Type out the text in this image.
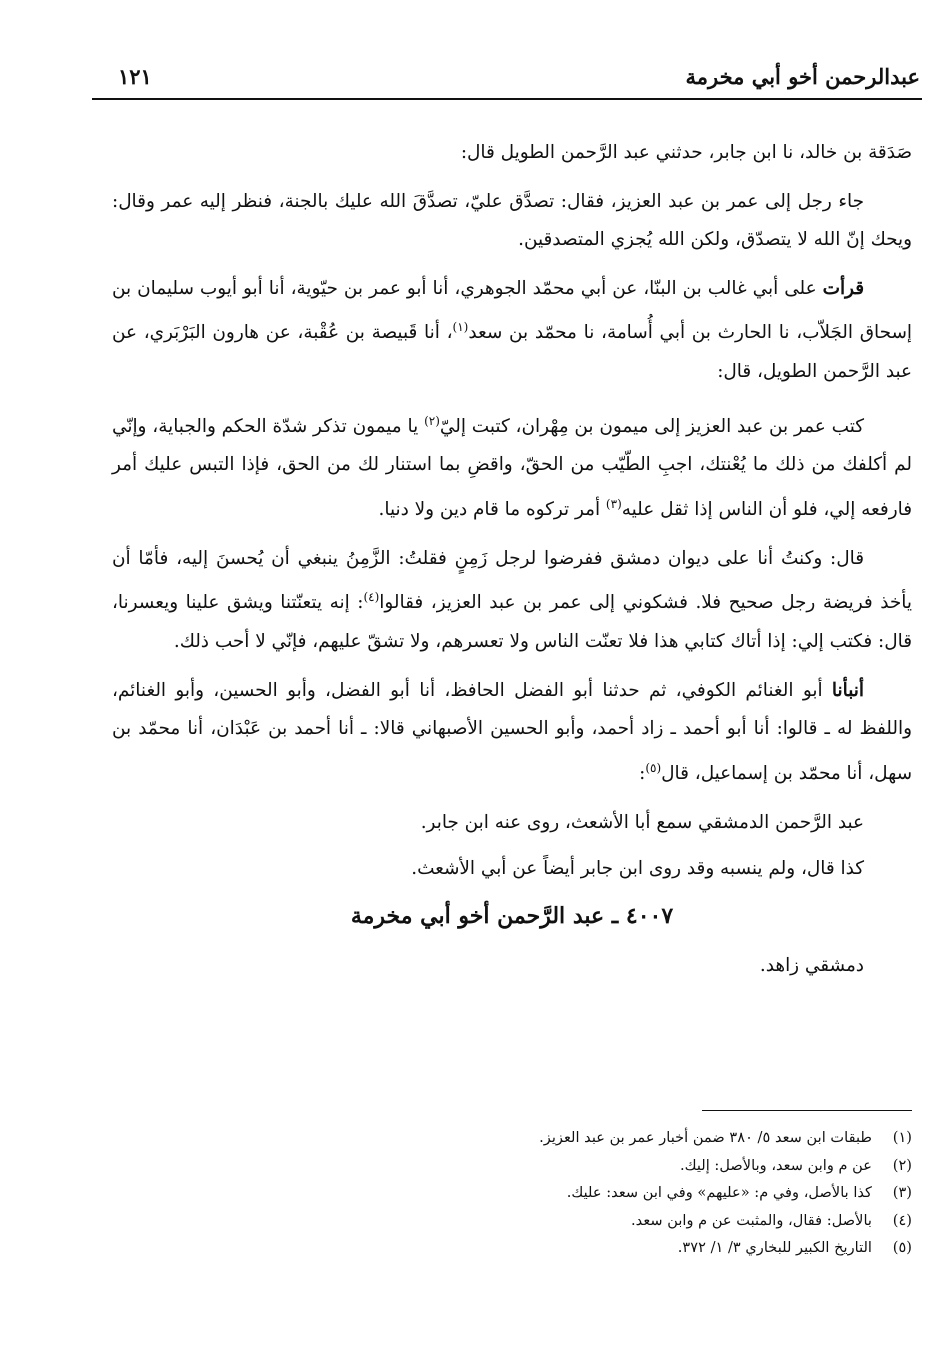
عبدالرحمن أخو أبي مخرمة
١٢١

صَدَقة بن خالد، نا ابن جابر، حدثني عبد الرَّحمن الطويل قال:

جاء رجل إلى عمر بن عبد العزيز، فقال: تصدَّق عليّ، تصدَّقَ الله عليك بالجنة، فنظر إليه عمر وقال: ويحك إنّ الله لا يتصدّق، ولكن الله يُجزي المتصدقين.

قرأت على أبي غالب بن البنّا، عن أبي محمّد الجوهري، أنا أبو عمر بن حيّوية، أنا أبو أيوب سليمان بن إسحاق الجَلاّب، نا الحارث بن أبي أُسامة، نا محمّد بن سعد$^{(١)}$، أنا قَبيصة بن عُقْبة، عن هارون البَرْبَري، عن عبد الرَّحمن الطويل، قال:

كتب عمر بن عبد العزيز إلى ميمون بن مِهْران، كتبت إليّ$^{(٢)}$ يا ميمون تذكر شدّة الحكم والجباية، وإنّي لم أكلفك من ذلك ما يُعْنتك، اجبِ الطّيّب من الحقّ، واقضِ بما استنار لك من الحق، فإذا التبس عليك أمر فارفعه إلي، فلو أن الناس إذا ثقل عليه$^{(٣)}$ أمر تركوه ما قام دين ولا دنيا.

قال: وكنتُ أنا على ديوان دمشق ففرضوا لرجل زَمِنٍ فقلتُ: الزَّمِنُ ينبغي أن يُحسنَ إليه، فأمّا أن يأخذ فريضة رجل صحيح فلا. فشكوني إلى عمر بن عبد العزيز، فقالوا$^{(٤)}$: إنه يتعنّتنا ويشق علينا ويعسرنا، قال: فكتب إلي: إذا أتاك كتابي هذا فلا تعنّت الناس ولا تعسرهم، ولا تشقّ عليهم، فإنّي لا أحب ذلك.

أنبأنا أبو الغنائم الكوفي، ثم حدثنا أبو الفضل الحافظ، أنا أبو الفضل، وأبو الحسين، وأبو الغنائم، واللفظ له ـ قالوا: أنا أبو أحمد ـ زاد أحمد، وأبو الحسين الأصبهاني قالا: ـ أنا أحمد بن عَبْدَان، أنا محمّد بن سهل، أنا محمّد بن إسماعيل، قال$^{(٥)}$:

عبد الرَّحمن الدمشقي سمع أبا الأشعث، روى عنه ابن جابر.

كذا قال، ولم ينسبه وقد روى ابن جابر أيضاً عن أبي الأشعث.

٤٠٠٧ ـ عبد الرَّحمن أخو أبي مخرمة

دمشقي زاهد.

(١)طبقات ابن سعد ٥/ ٣٨٠ ضمن أخبار عمر بن عبد العزيز.
(٢)عن م وابن سعد، وبالأصل: إليك.
(٣)كذا بالأصل، وفي م: «عليهم» وفي ابن سعد: عليك.
(٤)بالأصل: فقال، والمثبت عن م وابن سعد.
(٥)التاريخ الكبير للبخاري ٣/ ١/ ٣٧٢.
